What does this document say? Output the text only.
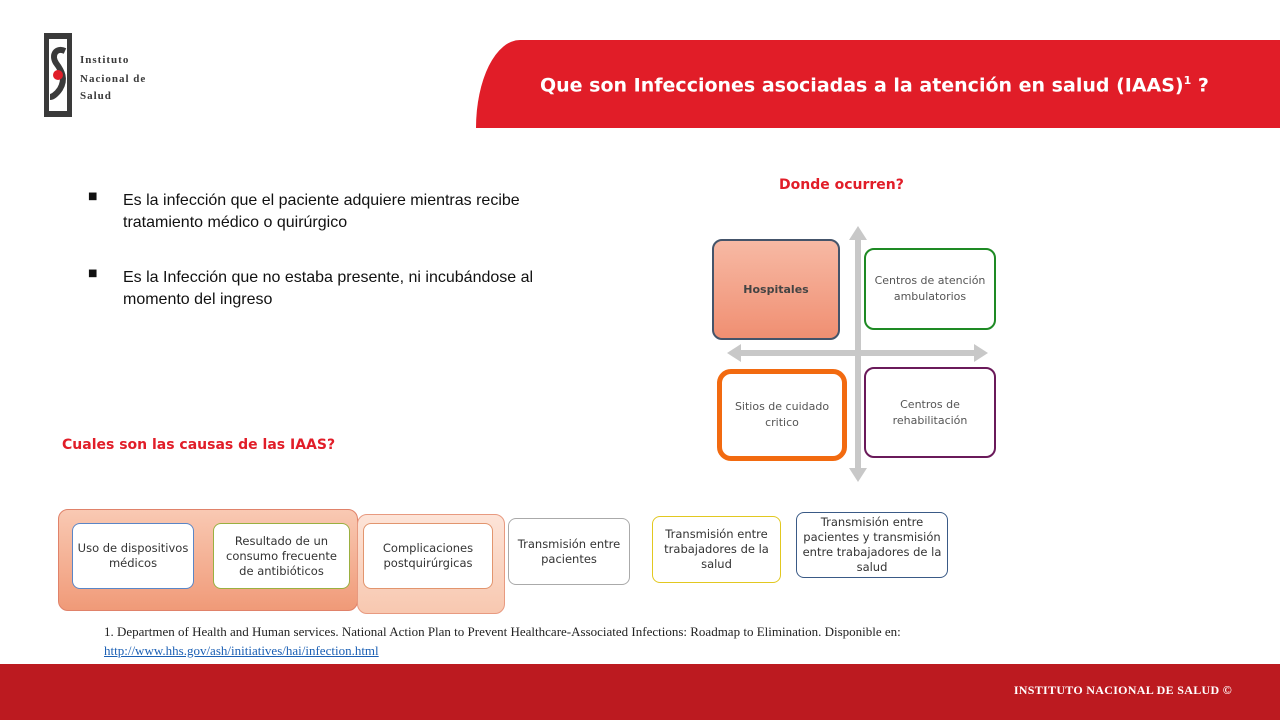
Instituto
Nacional de
Salud	Que son Infecciones asociadas a la atención en salud (IAAS)$^1$ ?
■	Es la infección que el paciente adquiere mientras recibe tratamiento médico o quirúrgico
■	Es la Infección que no estaba presente, ni incubándose al momento del ingreso
Donde ocurren?
Hospitales
Centros de atención ambulatorios
Sitios de cuidado critico
Centros de rehabilitación
Cuales son las causas de las IAAS?
Uso de dispositivos médicos
Resultado de un consumo frecuente de antibióticos
Complicaciones postquirúrgicas
Transmisión entre pacientes
Transmisión entre trabajadores de la salud
Transmisión entre pacientes y transmisión entre trabajadores de la salud
1. Departmen of Health and Human services. National Action Plan to Prevent Healthcare-Associated Infections: Roadmap to Elimination. Disponible en: http://www.hhs.gov/ash/initiatives/hai/infection.html
INSTITUTO NACIONAL DE SALUD ©
